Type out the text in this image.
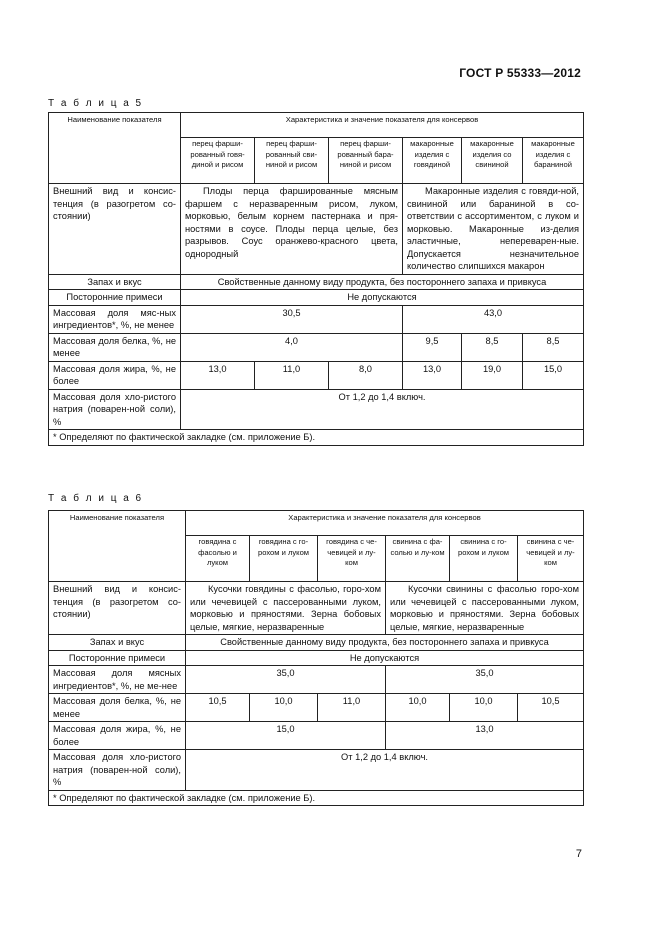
ГОСТ Р 55333—2012
Т а б л и ц а 5
Наименование показателя	Характеристика и значение показателя для консервов					
	перец фарши-рованный говя-диной и рисом	перец фарши-рованный сви-ниной и рисом	перец фарши-рованный бара-ниной и рисом	макаронные изделия с говядиной	макаронные изделия со свининой	макаронные изделия с бараниной
Внешний вид и консис-тенция (в разогретом со-стоянии)	Плоды перца фаршированные мясным фаршем с неразваренным рисом, луком, морковью, белым корнем пастернака и пря-ностями в соусе. Плоды перца целые, без разрывов. Соус оранжево-красного цвета, однородный			Макаронные изделия с говяди-ной, свининой или бараниной в со-ответствии с ассортиментом, с луком и морковью. Макаронные из-делия эластичные, непереварен-ные. Допускается незначительное количество слипшихся макарон		
Запах и вкус	Свойственные данному виду продукта, без постороннего запаха и привкуса					
Посторонние примеси	Не допускаются					
Массовая доля мяс-ных ингредиентов*, %, не менее	30,5			43,0		
Массовая доля белка, %, не менее	4,0			9,5	8,5	8,5
Массовая доля жира, %, не более	13,0	11,0	8,0	13,0	19,0	15,0
Массовая доля хло-ристого натрия (поварен-ной соли), %	От 1,2 до 1,4 включ.					
* Определяют по фактической закладке (см. приложение Б).						
Т а б л и ц а 6
Наименование показателя	Характеристика и значение показателя для консервов					
	говядина с фасолью и луком	говядина с го-рохом и луком	говядина с че-чевицей и лу-ком	свинина с фа-солью и лу-ком	свинина с го-рохом и луком	свинина с че-чевицей и лу-ком
Внешний вид и консис-тенция (в разогретом со-стоянии)	Кусочки говядины с фасолью, горо-хом или чечевицей с пассерованными луком, морковью и пряностями. Зерна бобовых целые, мягкие, неразваренные			Кусочки свинины с фасолью горо-хом или чечевицей с пассерованными луком, морковью и пряностями. Зерна бобовых целые, мягкие, неразваренные		
Запах и вкус	Свойственные данному виду продукта, без постороннего запаха и привкуса					
Посторонние примеси	Не допускаются					
Массовая доля мясных ингредиентов*, %, не ме-нее	35,0			35,0		
Массовая доля белка, %, не менее	10,5	10,0	11,0	10,0	10,0	10,5
Массовая доля жира, %, не более	15,0			13,0		
Массовая доля хло-ристого натрия (поварен-ной соли), %	От 1,2 до 1,4 включ.					
* Определяют по фактической закладке (см. приложение Б).						
7
